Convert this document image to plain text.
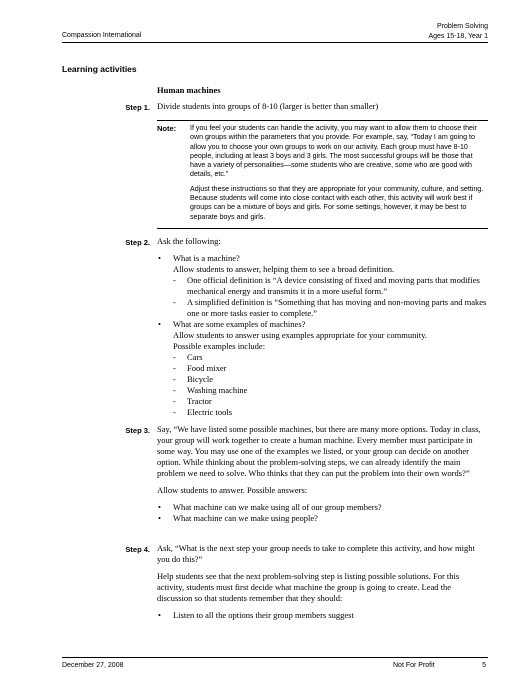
Problem Solving
Ages 15-18, Year 1
Compassion International
Learning activities
Human machines
Step 1. Divide students into groups of 8-10 (larger is better than smaller)
Note: If you feel your students can handle the activity, you may want to allow them to choose their own groups within the parameters that you provide. For example, say, “Today I am going to allow you to choose your own groups to work on our activity. Each group must have 8-10 people, including at least 3 boys and 3 girls. The most successful groups will be those that have a variety of personalities—some students who are creative, some who are good with details, etc.”

Adjust these instructions so that they are appropriate for your community, culture, and setting. Because students will come into close contact with each other, this activity will work best if groups can be a mixture of boys and girls. For some settings, however, it may be best to separate boys and girls.

Step 2. Ask the following:

• What is a machine?
Allow students to answer, helping them to see a broad definition.
- One official definition is “A device consisting of fixed and moving parts that modifies mechanical energy and transmits it in a more useful form.”
- A simplified definition is “Something that has moving and non-moving parts and makes one or more tasks easier to complete.”
• What are some examples of machines?
Allow students to answer using examples appropriate for your community.
Possible examples include:
- Cars
- Food mixer
- Bicycle
- Washing machine
- Tractor
- Electric tools
Step 3. Say, “We have listed some possible machines, but there are many more options. Today in class, your group will work together to create a human machine. Every member must participate in some way. You may use one of the examples we listed, or your group can decide on another option. While thinking about the problem-solving steps, we can already identify the main problem we need to solve. Who thinks that they can put the problem into their own words?”

Allow students to answer. Possible answers:

• What machine can we make using all of our group members?
• What machine can we make using people?
Step 4. Ask, “What is the next step your group needs to take to complete this activity, and how might you do this?”

Help students see that the next problem-solving step is listing possible solutions. For this activity, students must first decide what machine the group is going to create. Lead the discussion so that students remember that they should:

• Listen to all the options their group members suggest
December 27, 2008	Not For Profit	5
